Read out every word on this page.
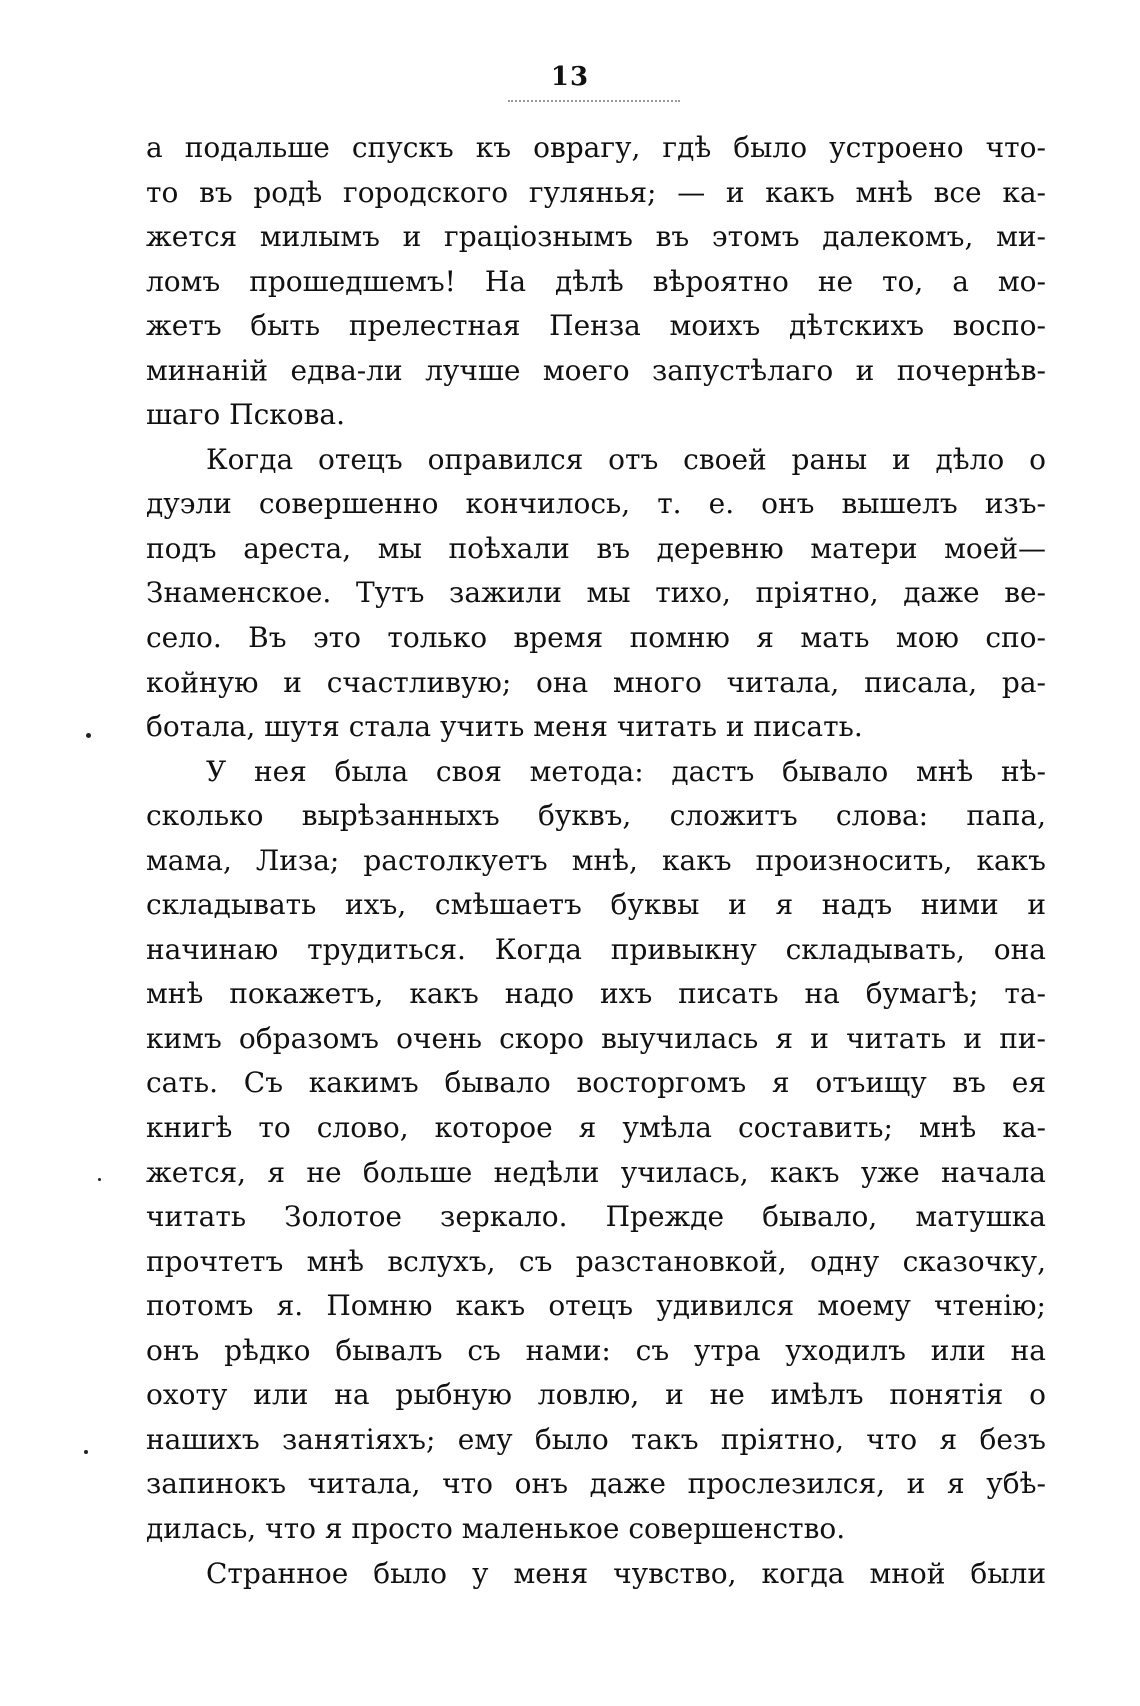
13
а подальше спускъ къ оврагу, гдѣ было устроено что-
то въ родѣ городского гулянья; — и какъ мнѣ все ка-
жется милымъ и граціознымъ въ этомъ далекомъ, ми-
ломъ прошедшемъ! На дѣлѣ вѣроятно не то, а мо-
жетъ быть прелестная Пенза моихъ дѣтскихъ воспо-
минаній едва-ли лучше моего запустѣлаго и почернѣв-
шаго Пскова.
Когда отецъ оправился отъ своей раны и дѣло о
дуэли совершенно кончилось, т. е. онъ вышелъ изъ-
подъ ареста, мы поѣхали въ деревню матери моей—
Знаменское. Тутъ зажили мы тихо, пріятно, даже ве-
село. Въ это только время помню я мать мою спо-
койную и счастливую; она много читала, писала, ра-
ботала, шутя стала учить меня читать и писать.
У нея была своя метода: дастъ бывало мнѣ нѣ-
сколько вырѣзанныхъ буквъ, сложитъ слова: папа,
мама, Лиза; растолкуетъ мнѣ, какъ произносить, какъ
складывать ихъ, смѣшаетъ буквы и я надъ ними и
начинаю трудиться. Когда привыкну складывать, она
мнѣ покажетъ, какъ надо ихъ писать на бумагѣ; та-
кимъ образомъ очень скоро выучилась я и читать и пи-
сать. Съ какимъ бывало восторгомъ я отъищу въ ея
книгѣ то слово, которое я умѣла составить; мнѣ ка-
жется, я не больше недѣли училась, какъ уже начала
читать Золотое зеркало. Прежде бывало, матушка
прочтетъ мнѣ вслухъ, съ разстановкой, одну сказочку,
потомъ я. Помню какъ отецъ удивился моему чтенію;
онъ рѣдко бывалъ съ нами: съ утра уходилъ или на
охоту или на рыбную ловлю, и не имѣлъ понятія о
нашихъ занятіяхъ; ему было такъ пріятно, что я безъ
запинокъ читала, что онъ даже прослезился, и я убѣ-
дилась, что я просто маленькое совершенство.
Странное было у меня чувство, когда мной были
